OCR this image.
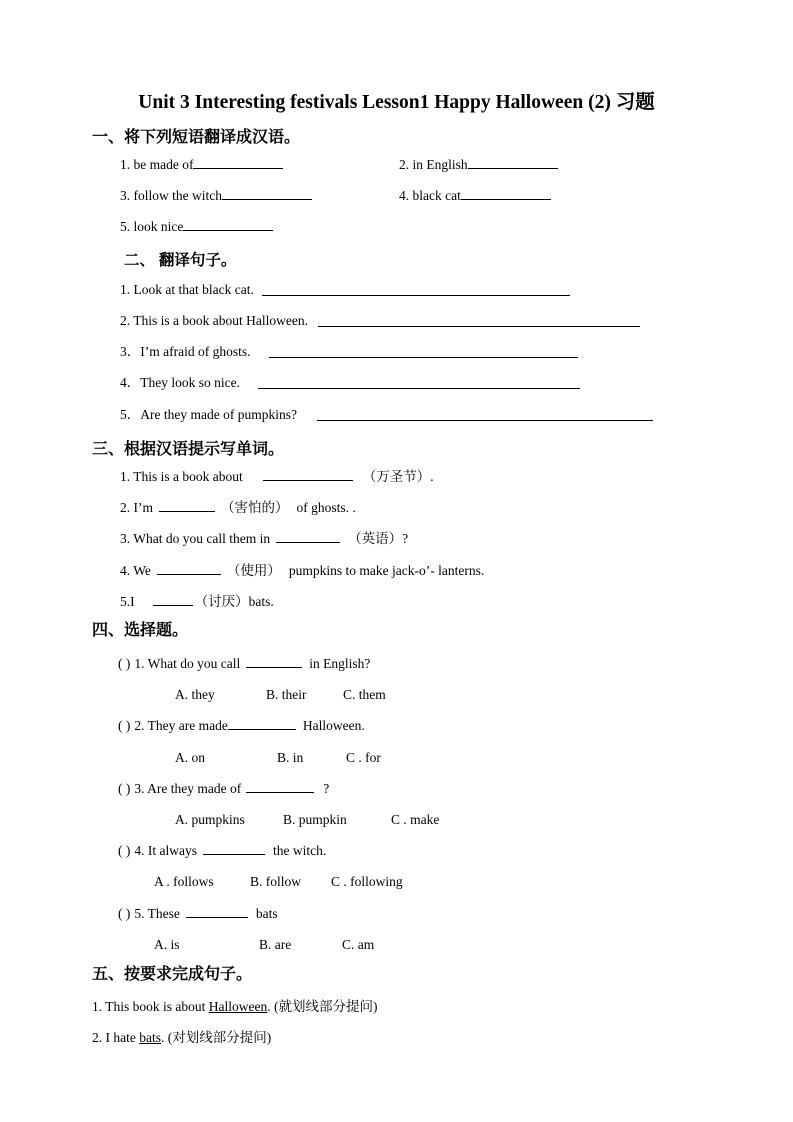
Unit 3 Interesting festivals Lesson1 Happy Halloween (2) 习题
一、将下列短语翻译成汉语。
1. be made of	2. in English
3. follow the witch	4. black cat
5. look nice
二、 翻译句子。
1. Look at that black cat.
2. This is a book about Halloween.
3．I’m afraid of ghosts.
4．They look so nice.
5．Are they made of pumpkins?
三、根据汉语提示写单词。
1. This is a book about	（万圣节）.
2. I’m	（害怕的） of ghosts. .
3. What do you call them in	（英语）?
4. We	（使用） pumpkins to make jack-o’- lanterns.
5.I	（讨厌）bats.
四、选择题。
( ) 1. What do you call	in English?
A. they	B. their	C. them
( ) 2. They are made	Halloween.
A. on	B. in	C . for
( ) 3. Are they made of	?
A. pumpkins	B. pumpkin	C . make
( ) 4. It always	the witch.
A . follows	B. follow C . following
( ) 5. These	bats
A. is	B. are	C. am
五、按要求完成句子。
1. This book is about Halloween. (就划线部分提问)
2. I hate bats. (对划线部分提问)
